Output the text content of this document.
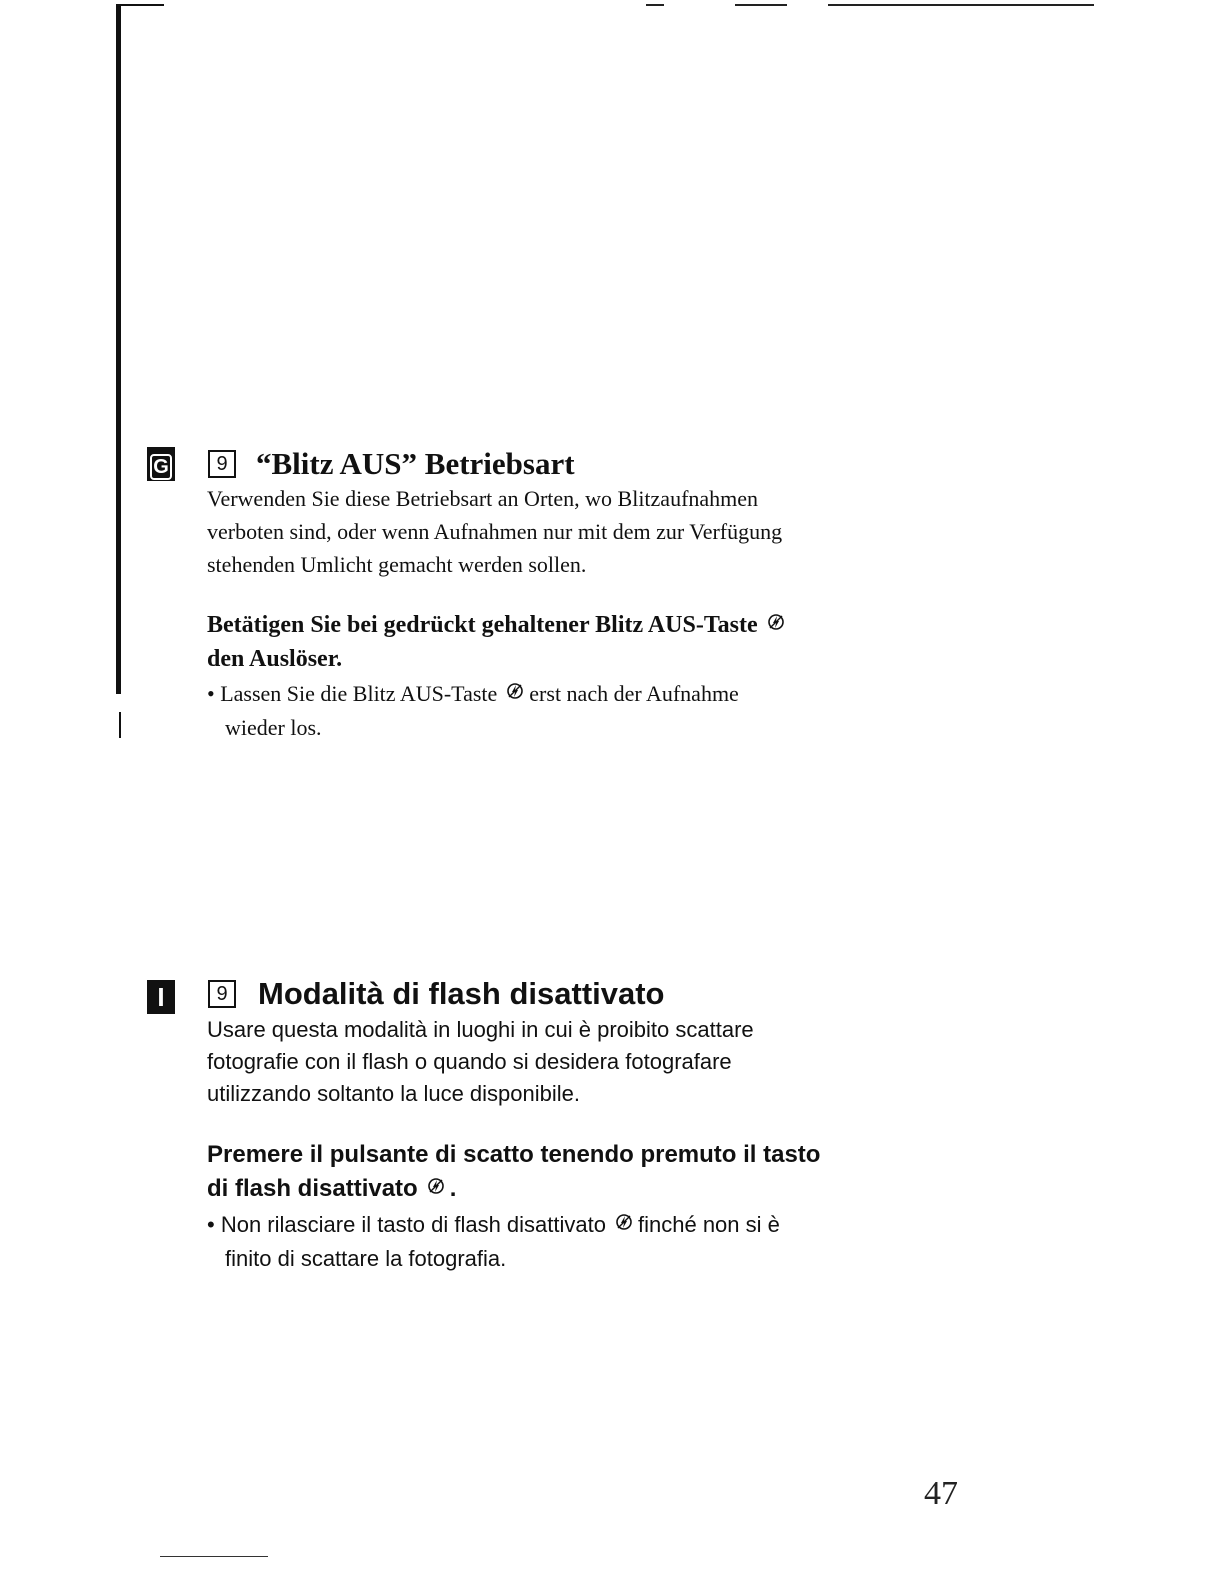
G	9 “Blitz AUS” Betriebsart
Verwenden Sie diese Betriebsart an Orten, wo Blitzaufnahmen
verboten sind, oder wenn Aufnahmen nur mit dem zur Verfügung
stehenden Umlicht gemacht werden sollen.
Betätigen Sie bei gedrückt gehaltener Blitz AUS-Taste
den Auslöser.
• Lassen Sie die Blitz AUS-Taste erst nach der Aufnahme
wieder los.
I	9 Modalità di flash disattivato
Usare questa modalità in luoghi in cui è proibito scattare
fotografie con il flash o quando si desidera fotografare
utilizzando soltanto la luce disponibile.
Premere il pulsante di scatto tenendo premuto il tasto
di flash disattivato .
• Non rilasciare il tasto di flash disattivato finché non si è
finito di scattare la fotografia.
47
